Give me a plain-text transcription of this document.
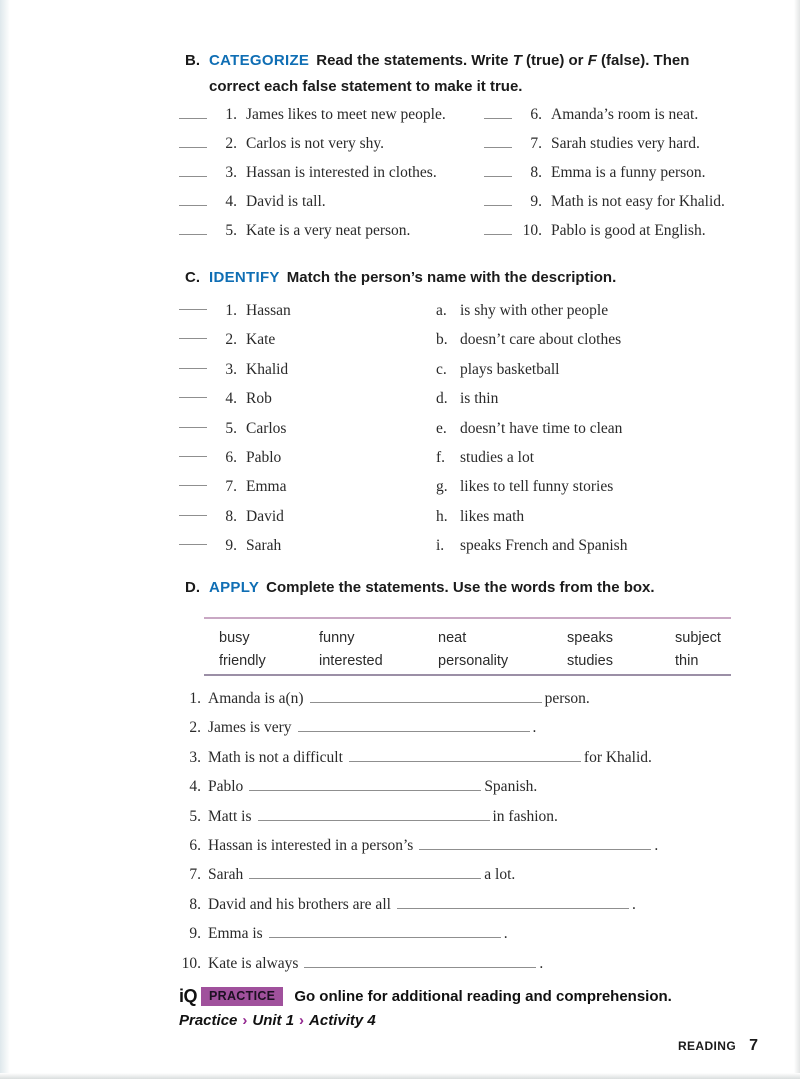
B. CATEGORIZE Read the statements. Write T (true) or F (false). Then correct each false statement to make it true.
1. James likes to meet new people.
2. Carlos is not very shy.
3. Hassan is interested in clothes.
4. David is tall.
5. Kate is a very neat person.
6. Amanda’s room is neat.
7. Sarah studies very hard.
8. Emma is a funny person.
9. Math is not easy for Khalid.
10. Pablo is good at English.
C. IDENTIFY Match the person’s name with the description.
1. Hassan	a. is shy with other people
2. Kate	b. doesn’t care about clothes
3. Khalid	c. plays basketball
4. Rob	d. is thin
5. Carlos	e. doesn’t have time to clean
6. Pablo	f. studies a lot
7. Emma	g. likes to tell funny stories
8. David	h. likes math
9. Sarah	i.	speaks French and Spanish
D. APPLY Complete the statements. Use the words from the box.
busy	funny	neat	speaks	subject
friendly	interested	personality	studies	thin
1. Amanda is a(n)	person.
2. James is very	.
3. Math is not a difficult	for Khalid.
4. Pablo	Spanish.
5. Matt is	in fashion.
6. Hassan is interested in a person’s	.
7. Sarah	a lot.
8. David and his brothers are all	.
9. Emma is	.
10. Kate is always	.
iQ PRACTICE	Go online for additional reading and comprehension.
Practice › Unit 1 › Activity 4
READING 7
